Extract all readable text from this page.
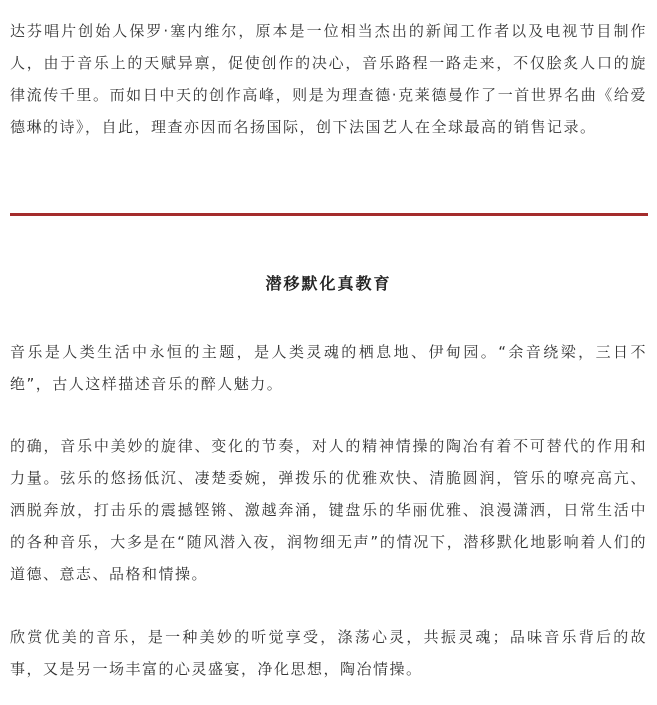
达芬唱片创始人保罗·塞内维尔，原本是一位相当杰出的新闻工作者以及电视节目制作人，由于音乐上的天赋异禀，促使创作的决心，音乐路程一路走来，不仅脍炙人口的旋律流传千里。而如日中天的创作高峰，则是为理查德·克莱德曼作了一首世界名曲《给爱德琳的诗》，自此，理查亦因而名扬国际，创下法国艺人在全球最高的销售记录。

潜移默化真教育

音乐是人类生活中永恒的主题，是人类灵魂的栖息地、伊甸园。“余音绕梁，三日不绝”，古人这样描述音乐的醉人魅力。

的确，音乐中美妙的旋律、变化的节奏，对人的精神情操的陶冶有着不可替代的作用和力量。弦乐的悠扬低沉、凄楚委婉，弹拨乐的优雅欢快、清脆圆润，管乐的嘹亮高亢、洒脱奔放，打击乐的震撼铿锵、激越奔涌，键盘乐的华丽优雅、浪漫潇洒，日常生活中的各种音乐，大多是在“随风潜入夜，润物细无声”的情况下，潜移默化地影响着人们的道德、意志、品格和情操。

欣赏优美的音乐，是一种美妙的听觉享受，涤荡心灵，共振灵魂；品味音乐背后的故事，又是另一场丰富的心灵盛宴，净化思想，陶冶情操。
